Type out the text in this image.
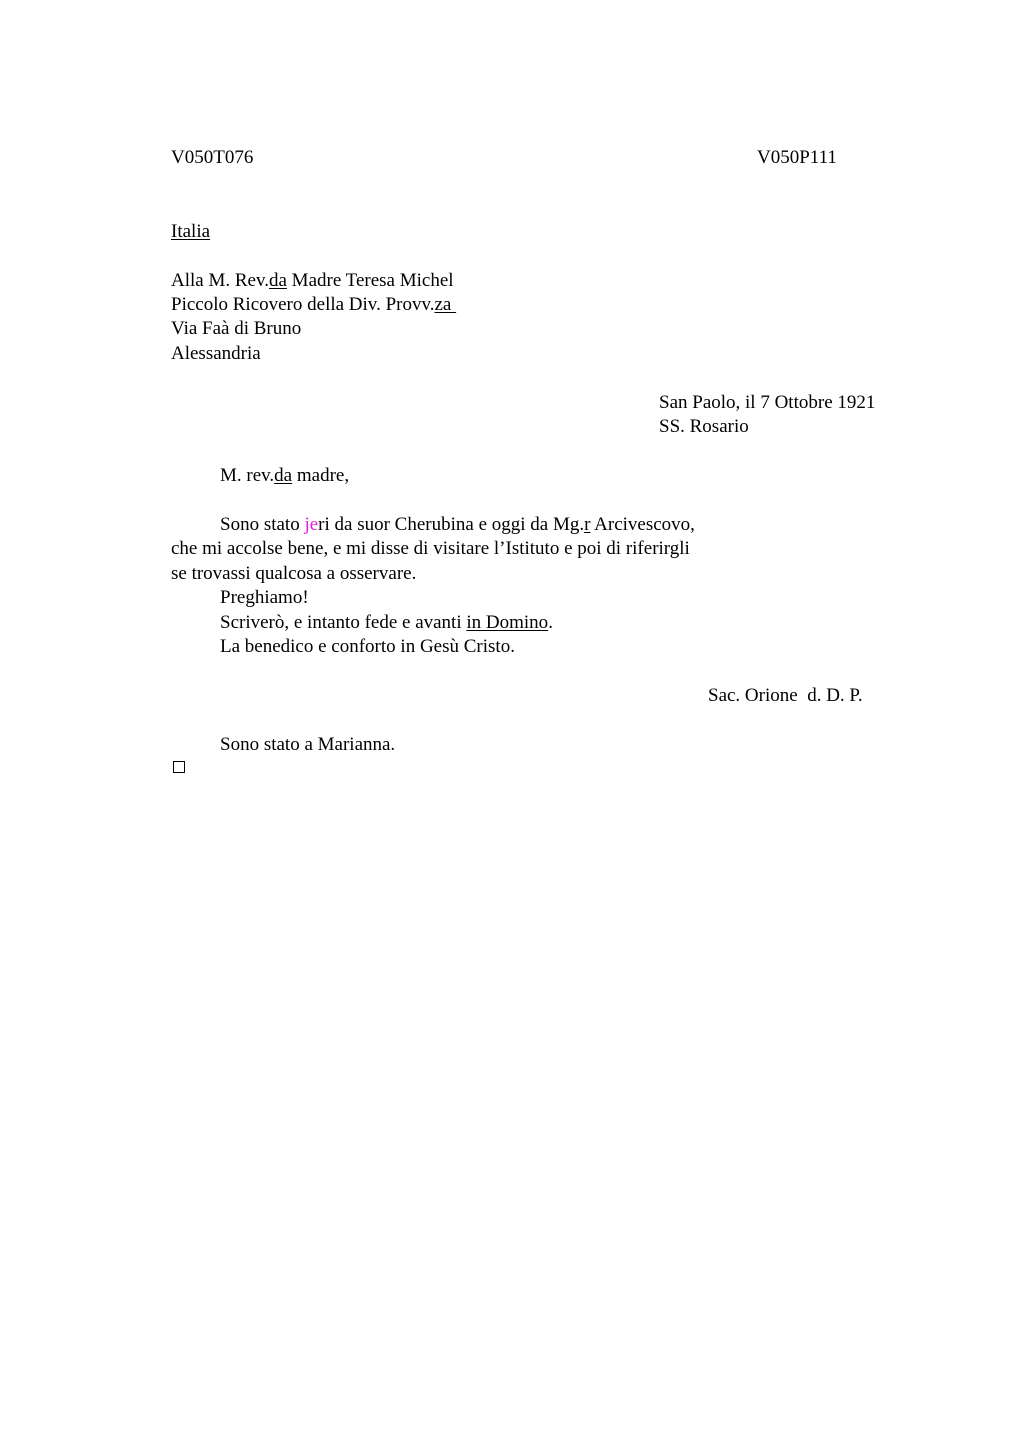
V050T076	V050P111
Italia
Alla M. Rev.da Madre Teresa Michel
Piccolo Ricovero della Div. Provv.za
Via Faà di Bruno
Alessandria
San Paolo, il 7 Ottobre 1921
SS. Rosario
M. rev.da madre,
Sono stato jeri da suor Cherubina e oggi da Mg.r Arcivescovo,
che mi accolse bene, e mi disse di visitare l’Istituto e poi di riferirgli
se trovassi qualcosa a osservare.
Preghiamo!
Scriverò, e intanto fede e avanti in Domino.
La benedico e conforto in Gesù Cristo.
Sac. Orione  d. D. P.
Sono stato a Marianna.
